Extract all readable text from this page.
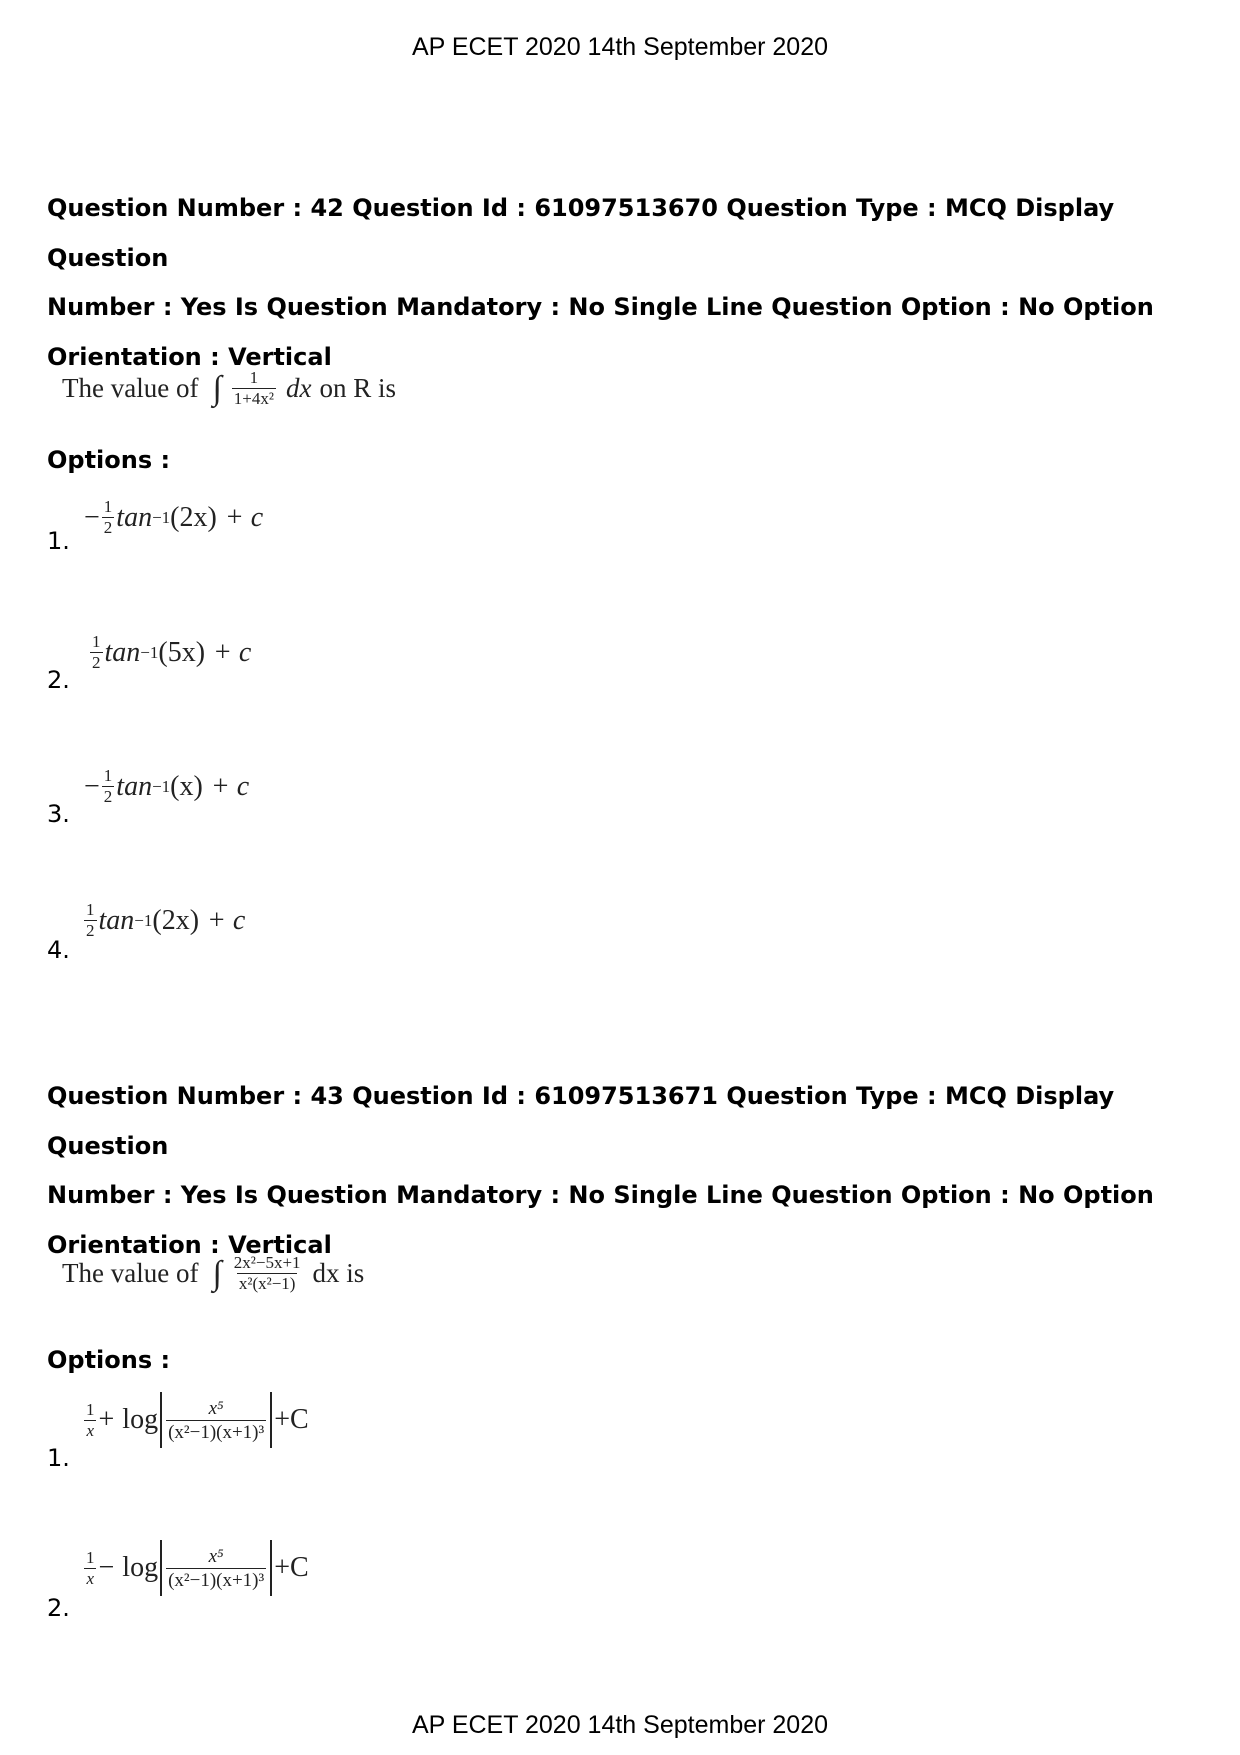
AP ECET 2020 14th September 2020
Question Number : 42 Question Id : 61097513670 Question Type : MCQ Display Question
Number : Yes Is Question Mandatory : No Single Line Question Option : No Option
Orientation : Vertical
The value of ∫ $\frac{1}{\text{1+4x²}}$ dx on R is
Options :
1.
− $\frac{1}{2}$ tan −1 (2x) + c
2.
$\frac{1}{2}$ tan −1 (5x) + c
3.
− $\frac{1}{2}$ tan −1 (x) + c
4.
$\frac{1}{2}$ tan −1 (2x) + c
Question Number : 43 Question Id : 61097513671 Question Type : MCQ Display Question
Number : Yes Is Question Mandatory : No Single Line Question Option : No Option
Orientation : Vertical
The value of ∫ $\frac{\text{2x²−5x+1}}{\text{x²(x²−1)}}$ dx is
Options :
1.
$\frac{1}{x} + \log \frac{\text{x⁵}}{\text{(x²−1)(x+1)³}} +C$
2.
$\frac{1}{x} - \log \frac{\text{x⁵}}{\text{(x²−1)(x+1)³}} +C$
AP ECET 2020 14th September 2020
